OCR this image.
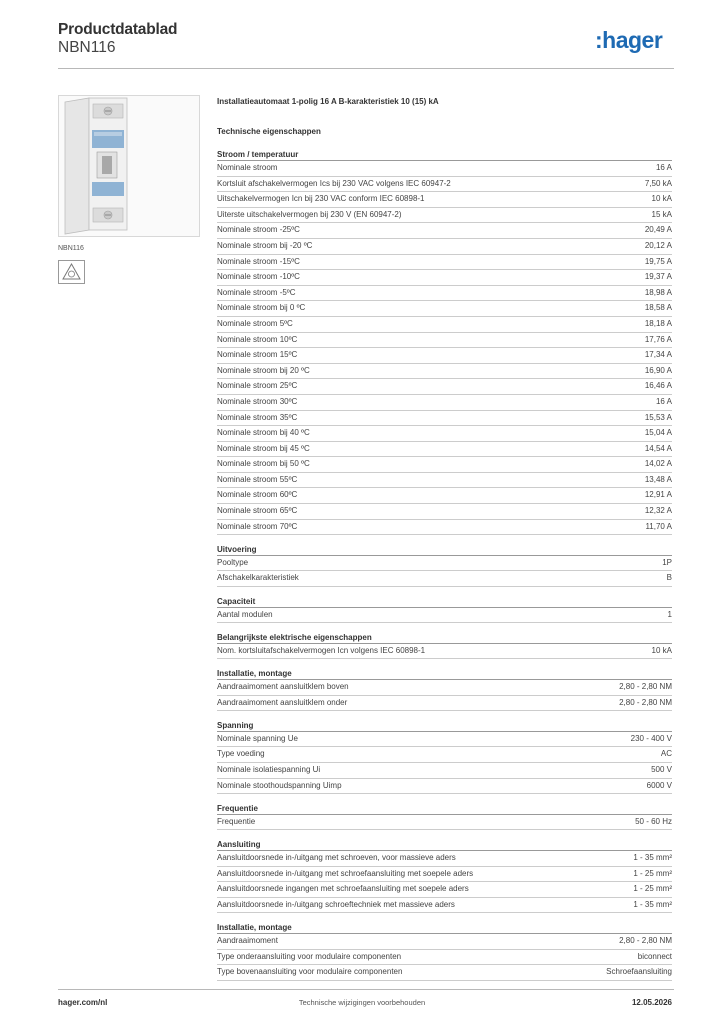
Productdatablad
NBN116	:hager
NBN116
Installatieautomaat 1-polig 16 A B-karakteristiek 10 (15) kA
Technische eigenschappen
Stroom / temperatuur
Nominale stroom	16 A
Kortsluit afschakelvermogen Ics bij 230 VAC volgens IEC 60947-2	7,50 kA
Uitschakelvermogen Icn bij 230 VAC conform IEC 60898-1	10 kA
Uiterste uitschakelvermogen bij 230 V (EN 60947-2)	15 kA
Nominale stroom -25ºC	20,49 A
Nominale stroom bij -20 ºC	20,12 A
Nominale stroom -15ºC	19,75 A
Nominale stroom -10ºC	19,37 A
Nominale stroom -5ºC	18,98 A
Nominale stroom bij 0 ºC	18,58 A
Nominale stroom 5ºC	18,18 A
Nominale stroom 10ºC	17,76 A
Nominale stroom 15ºC	17,34 A
Nominale stroom bij 20 ºC	16,90 A
Nominale stroom 25ºC	16,46 A
Nominale stroom 30ºC	16 A
Nominale stroom 35ºC	15,53 A
Nominale stroom bij 40 ºC	15,04 A
Nominale stroom bij 45 ºC	14,54 A
Nominale stroom bij 50 ºC	14,02 A
Nominale stroom 55ºC	13,48 A
Nominale stroom 60ºC	12,91 A
Nominale stroom 65ºC	12,32 A
Nominale stroom 70ºC	11,70 A
Uitvoering
Pooltype	1P
Afschakelkarakteristiek	B
Capaciteit
Aantal modulen	1
Belangrijkste elektrische eigenschappen
Nom. kortsluitafschakelvermogen Icn volgens IEC 60898-1	10 kA
Installatie, montage
Aandraaimoment aansluitklem boven	2,80 - 2,80 NM
Aandraaimoment aansluitklem onder	2,80 - 2,80 NM
Spanning
Nominale spanning Ue	230 - 400 V
Type voeding	AC
Nominale isolatiespanning Ui	500 V
Nominale stoothoudspanning Uimp	6000 V
Frequentie
Frequentie	50 - 60 Hz
Aansluiting
Aansluitdoorsnede in-/uitgang met schroeven, voor massieve aders	1 - 35 mm²
Aansluitdoorsnede in-/uitgang met schroefaansluiting met soepele aders	1 - 25 mm²
Aansluitdoorsnede ingangen met schroefaansluiting met soepele aders	1 - 25 mm²
Aansluitdoorsnede in-/uitgang schroeftechniek met massieve aders	1 - 35 mm²
Installatie, montage
Aandraaimoment	2,80 - 2,80 NM
Type onderaansluiting voor modulaire componenten	biconnect
Type bovenaansluiting voor modulaire componenten	Schroefaansluiting
hager.com/nl	Technische wijzigingen voorbehouden	12.05.2026
